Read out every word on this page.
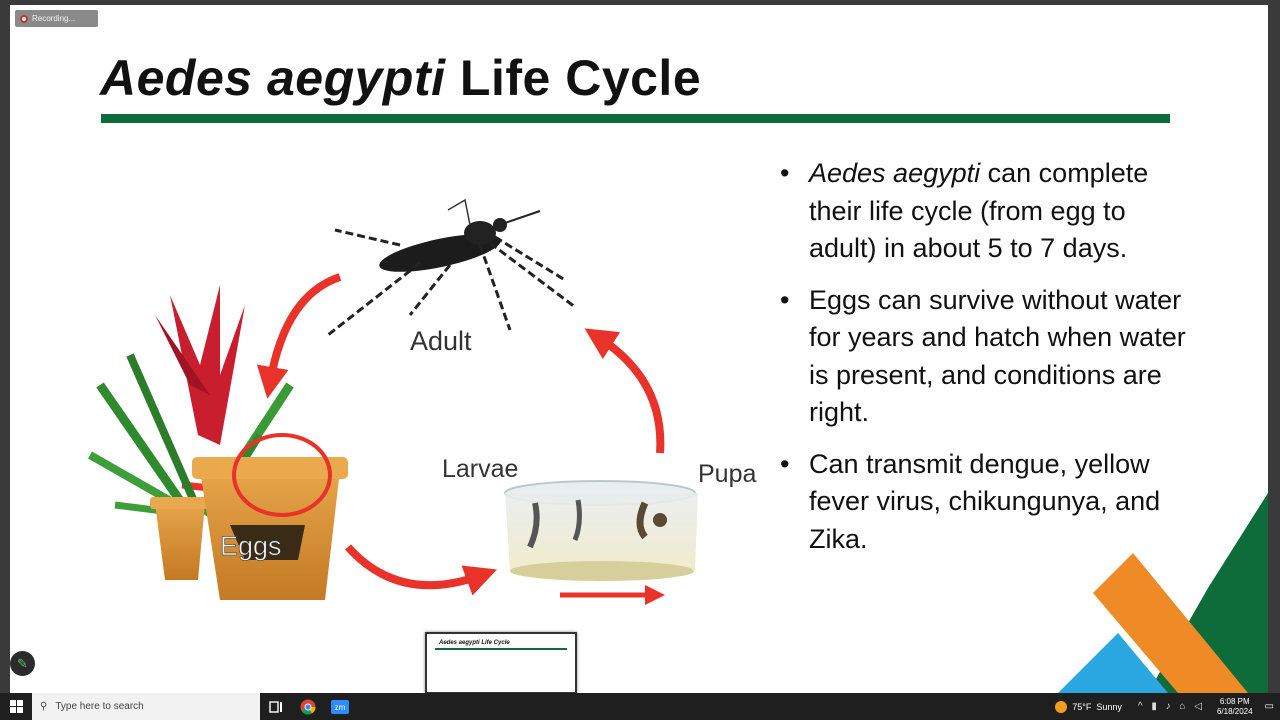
Recording...
Aedes aegypti Life Cycle
Adult
Eggs
Larvae	Pupa
• Aedes aegypti can complete their life cycle (from egg to adult) in about 5 to 7 days.
• Eggs can survive without water for years and hatch when water is present, and conditions are right.
• Can transmit dengue, yellow fever virus, chikungunya, and Zika.
Aedes aegypti Life Cycle
✎
⚲ Type here to search	zm	75°F Sunny ^ ▮ ♪ ⌂ ◁	6:08 PM
6/18/2024 ▭
